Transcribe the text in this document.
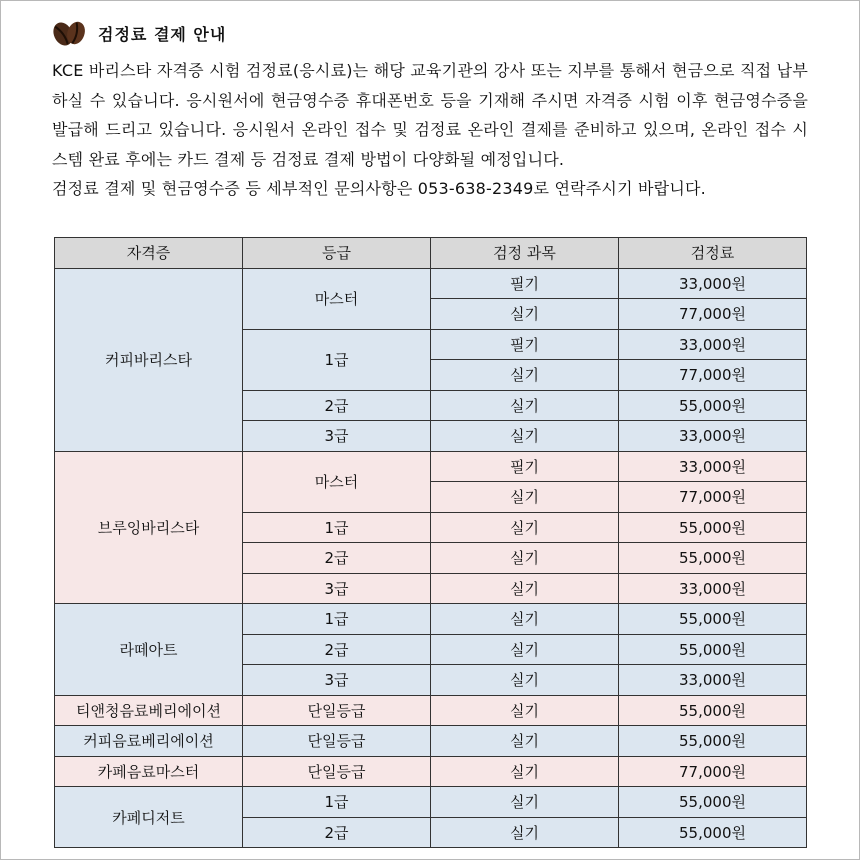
검정료 결제 안내

KCE 바리스타 자격증 시험 검정료(응시료)는 해당 교육기관의 강사 또는 지부를 통해서 현금으로 직접 납부하실 수 있습니다. 응시원서에 현금영수증 휴대폰번호 등을 기재해 주시면 자격증 시험 이후 현금영수증을 발급해 드리고 있습니다. 응시원서 온라인 접수 및 검정료 온라인 결제를 준비하고 있으며, 온라인 접수 시스템 완료 후에는 카드 결제 등 검정료 결제 방법이 다양화될 예정입니다.

검정료 결제 및 현금영수증 등 세부적인 문의사항은 053-638-2349로 연락주시기 바랍니다.

자격증	등급	검정 과목	검정료
커피바리스타	마스터	필기	33,000원
		실기	77,000원
	1급	필기	33,000원
		실기	77,000원
	2급	실기	55,000원
	3급	실기	33,000원
브루잉바리스타	마스터	필기	33,000원
		실기	77,000원
	1급	실기	55,000원
	2급	실기	55,000원
	3급	실기	33,000원
라떼아트	1급	실기	55,000원
	2급	실기	55,000원
	3급	실기	33,000원
티앤청음료베리에이션	단일등급	실기	55,000원
커피음료베리에이션	단일등급	실기	55,000원
카페음료마스터	단일등급	실기	77,000원
카페디저트	1급	실기	55,000원
	2급	실기	55,000원
